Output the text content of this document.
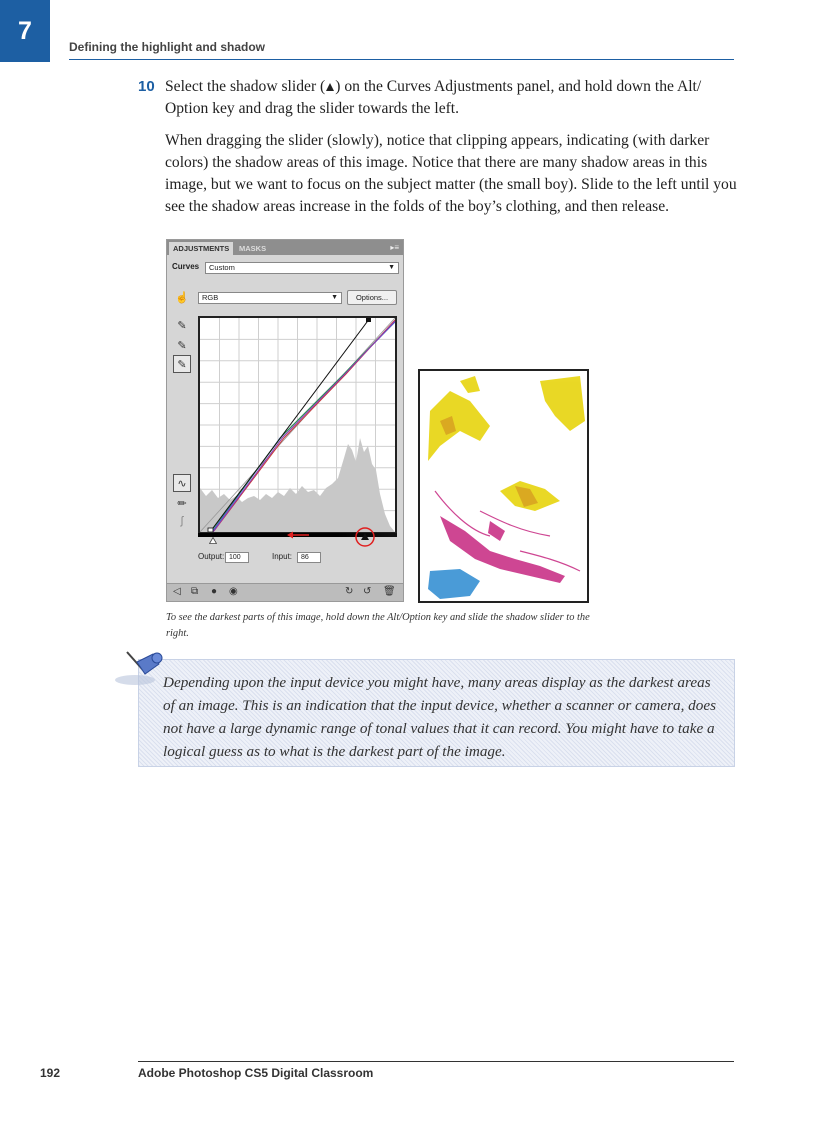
7
Defining the highlight and shadow
10 Select the shadow slider ( ) on the Curves Adjustments panel, and hold down the Alt/ Option key and drag the slider towards the left.

When dragging the slider (slowly), notice that clipping appears, indicating (with darker colors) the shadow areas of this image. Notice that there are many shadow areas in this image, but we want to focus on the subject matter (the small boy). Slide to the left until you see the shadow areas increase in the folds of the boy’s clothing, and then release.

ADJUSTMENTS	MASKS	▸≡
Curves	Custom	▼
☝	RGB	▼	Options...
✎
✎
✎
∿
✏
ʃ
Output: 100	Input:	86
◁ ⧉ ● ◉	↻ ↺ 🗑
To see the darkest parts of this image, hold down the Alt/Option key and slide the shadow slider to the right.
Depending upon the input device you might have, many areas display as the darkest areas of an image. This is an indication that the input device, whether a scanner or camera, does not have a large dynamic range of tonal values that it can record. You might have to take a logical guess as to what is the darkest part of the image.
192	Adobe Photoshop CS5 Digital Classroom
